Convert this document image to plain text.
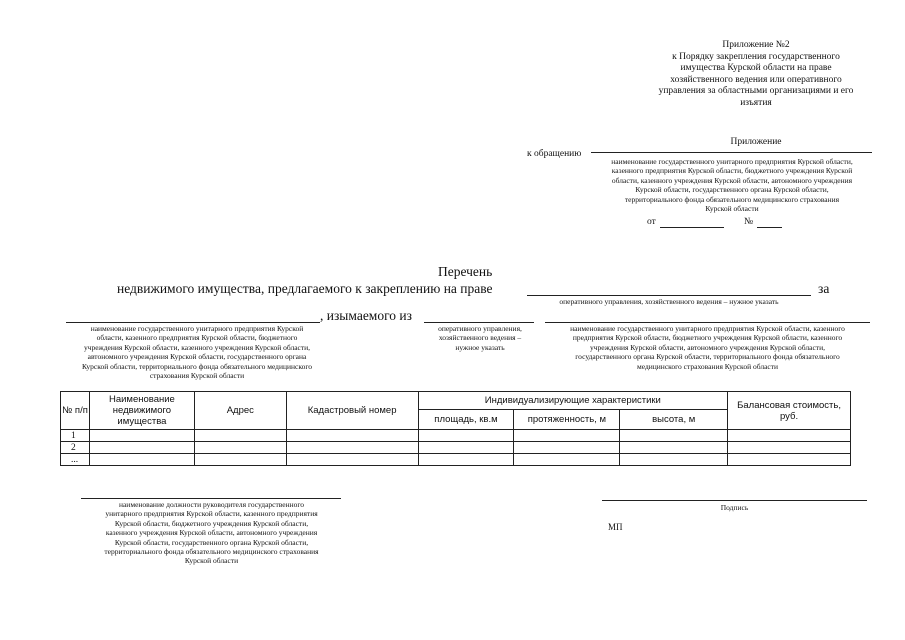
Приложение №2
к Порядку закрепления государственного
имущества Курской области на праве
хозяйственного ведения или оперативного
управления за областными организациями и его
изъятия
Приложение
к обращению
наименование государственного унитарного предприятия Курской области,
казенного предприятия Курской области, бюджетного учреждения Курской
области, казенного учреждения Курской области, автономного учреждения
Курской области, государственного органа Курской области,
территориального фонда обязательного медицинского страхования
Курской области
от	№
Перечень
недвижимого имущества, предлагаемого к закреплению на праве	за
оперативного управления, хозяйственного ведения – нужное указать
, изымаемого из
наименование государственного унитарного предприятия Курской
области, казенного предприятия Курской области, бюджетного
учреждения Курской области, казенного учреждения Курской области,
автономного учреждения Курской области, государственного органа
Курской области, территориального фонда обязательного медицинского
страхования Курской области
оперативного управления,
хозяйственного ведения –
нужное указать
наименование государственного унитарного предприятия Курской области, казенного
предприятия Курской области, бюджетного учреждения Курской области, казенного
учреждения Курской области, автономного учреждения Курской области,
государственного органа Курской области, территориального фонда обязательного
медицинского страхования Курской области
№ п/п	Наименование недвижимого имущества	Адрес	Кадастровый номер	Индивидуализирующие характеристики			Балансовая стоимость, руб.
				площадь, кв.м	протяженность, м	высота, м	
1							
2							
...							
наименование должности руководителя государственного
унитарного предприятия Курской области, казенного предприятия
Курской области, бюджетного учреждения Курской области,
казенного учреждения Курской области, автономного учреждения
Курской области, государственного органа Курской области,
территориального фонда обязательного медицинского страхования
Курской области
Подпись
МП
